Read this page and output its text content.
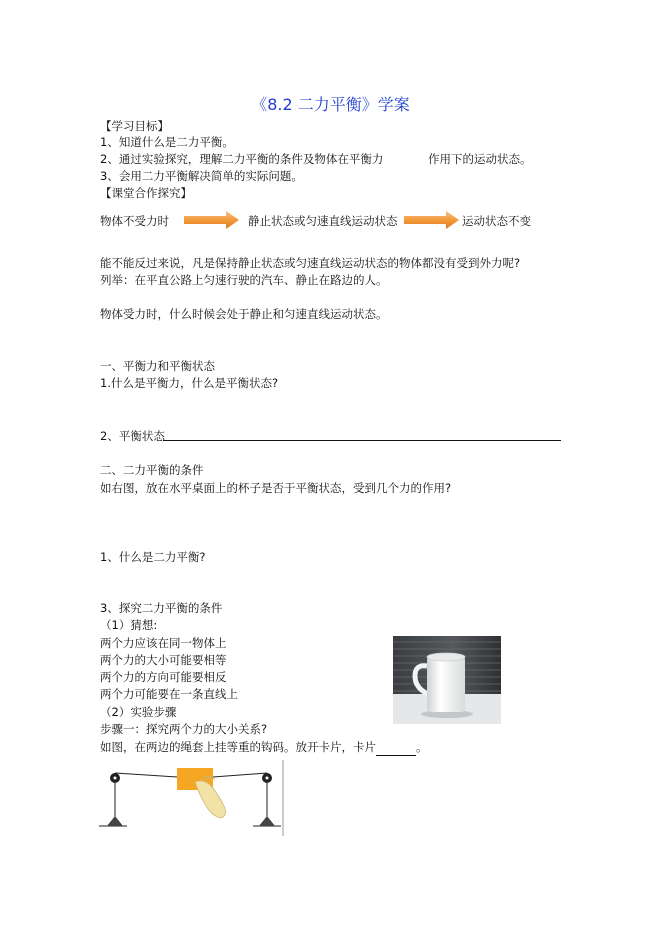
《8.2 二力平衡》学案
【学习目标】
1、知道什么是二力平衡。
2、通过实验探究，理解二力平衡的条件及物体在平衡力	作用下的运动状态。
3、会用二力平衡解决简单的实际问题。
【课堂合作探究】
物体不受力时	静止状态或匀速直线运动状态	运动状态不变
能不能反过来说，凡是保持静止状态或匀速直线运动状态的物体都没有受到外力呢?
列举：在平直公路上匀速行驶的汽车、静止在路边的人。
物体受力时，什么时候会处于静止和匀速直线运动状态。
一、平衡力和平衡状态
1.什么是平衡力，什么是平衡状态?
2、平衡状态
二、二力平衡的条件
如右图，放在水平桌面上的杯子是否于平衡状态，受到几个力的作用?
1、什么是二力平衡?
3、探究二力平衡的条件
（1）猜想:
两个力应该在同一物体上
两个力的大小可能要相等
两个力的方向可能要相反
两个力可能要在一条直线上
（2）实验步骤
步骤一：探究两个力的大小关系?
如图，在两边的绳套上挂等重的钩码。放开卡片，卡片	。
